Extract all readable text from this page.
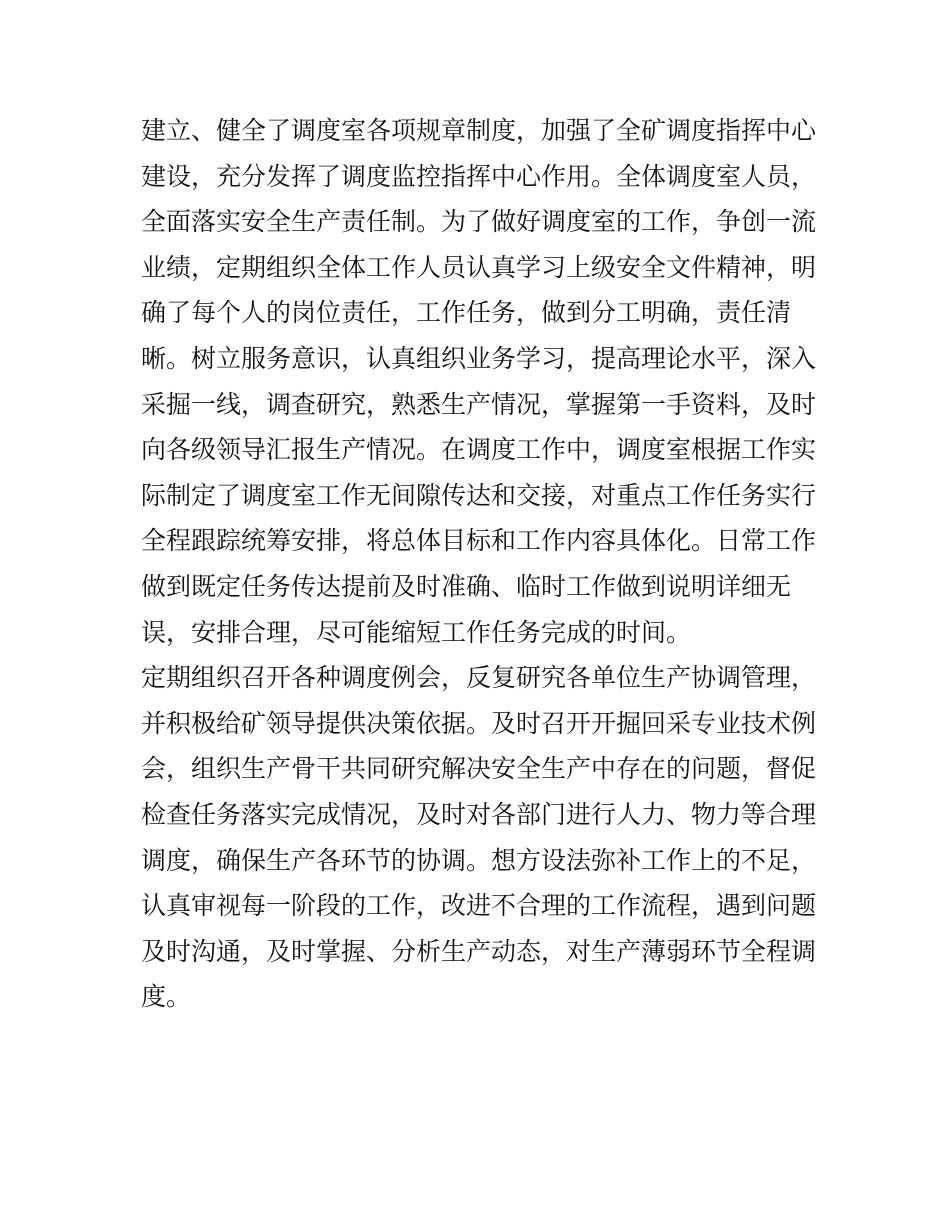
建立、健全了调度室各项规章制度，加强了全矿调度指挥中心
建设，充分发挥了调度监控指挥中心作用。全体调度室人员，
全面落实安全生产责任制。为了做好调度室的工作，争创一流
业绩，定期组织全体工作人员认真学习上级安全文件精神，明
确了每个人的岗位责任，工作任务，做到分工明确，责任清
晰。树立服务意识，认真组织业务学习，提高理论水平，深入
采掘一线，调查研究，熟悉生产情况，掌握第一手资料，及时
向各级领导汇报生产情况。在调度工作中，调度室根据工作实
际制定了调度室工作无间隙传达和交接，对重点工作任务实行
全程跟踪统筹安排，将总体目标和工作内容具体化。日常工作
做到既定任务传达提前及时准确、临时工作做到说明详细无
误，安排合理，尽可能缩短工作任务完成的时间。
定期组织召开各种调度例会，反复研究各单位生产协调管理，
并积极给矿领导提供决策依据。及时召开开掘回采专业技术例
会，组织生产骨干共同研究解决安全生产中存在的问题，督促
检查任务落实完成情况，及时对各部门进行人力、物力等合理
调度，确保生产各环节的协调。想方设法弥补工作上的不足，
认真审视每一阶段的工作，改进不合理的工作流程，遇到问题
及时沟通，及时掌握、分析生产动态，对生产薄弱环节全程调
度。
